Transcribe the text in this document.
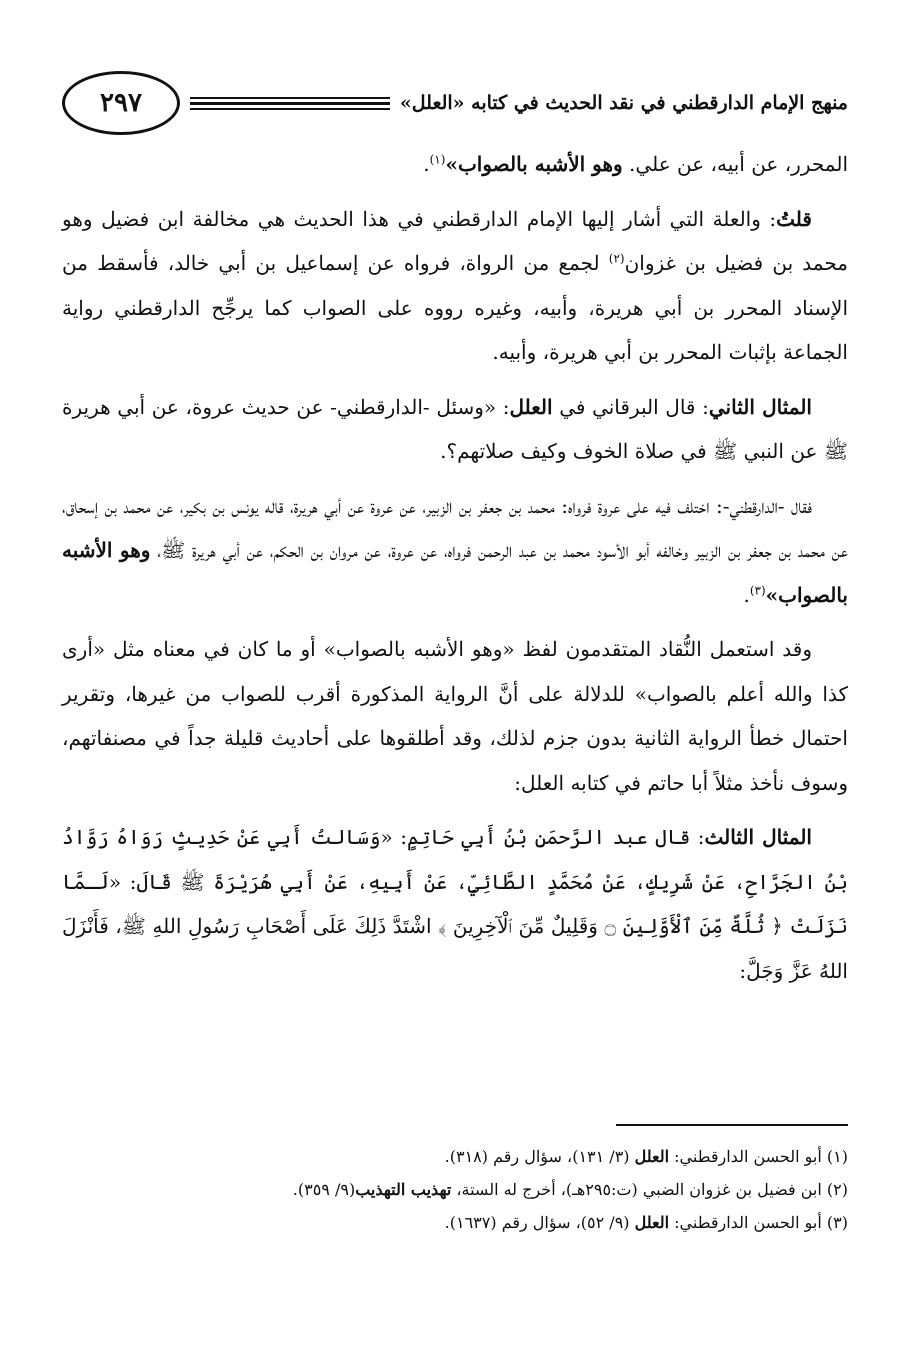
منهج الإمام الدارقطني في نقد الحديث في كتابه «العلل»
٢٩٧

المحرر، عن أبيه، عن علي. وهو الأشبه بالصواب»$^{(١)}$.

قلتُ: والعلة التي أشار إليها الإمام الدارقطني في هذا الحديث هي مخالفة ابن فضيل وهو محمد بن فضيل بن غزوان$^{(٢)}$ لجمع من الرواة، فرواه عن إسماعيل بن أبي خالد، فأسقط من الإسناد المحرر بن أبي هريرة، وأبيه، وغيره رووه على الصواب كما يرجِّح الدارقطني رواية الجماعة بإثبات المحرر بن أبي هريرة، وأبيه.

المثال الثاني: قال البرقاني في العلل: «وسئل -الدارقطني- عن حديث عروة، عن أبي هريرة ﷺ عن النبي ﷺ في صلاة الخوف وكيف صلاتهم؟.

فقال -الدارقطني-: اختلف فيه على عروة فرواه: محمد بن جعفر بن الزبير، عن عروة عن أبي هريرة، قاله يونس بن بكير، عن محمد بن إسحاق، عن محمد بن جعفر بن الزبير وخالفه أبو الأسود محمد بن عبد الرحمن فرواه، عن عروة، عن مروان بن الحكم، عن أبي هريرة ﷺ، وهو الأشبه بالصواب»$^{(٣)}$.

وقد استعمل النُّقاد المتقدمون لفظ «وهو الأشبه بالصواب» أو ما كان في معناه مثل «أرى كذا والله أعلم بالصواب» للدلالة على أنَّ الرواية المذكورة أقرب للصواب من غيرها، وتقرير احتمال خطأ الرواية الثانية بدون جزم لذلك، وقد أطلقوها على أحاديث قليلة جداً في مصنفاتهم، وسوف نأخذ مثلاً أبا حاتم في كتابه العلل:

المثال الثالث: قال عبد الرَّحمَنِ بْنُ أَبِي حَاتِمٍ: «وَسَالتُ أَبِي عَنْ حَدِيثٍ رَوَاهُ رَوَّادُ بْنُ الجَرَّاحِ، عَنْ شَرِيكٍ، عَنْ مُحَمَّدٍ الطَّائِيِّ، عَنْ أَبِيهِ، عَنْ أَبِي هُرَيْرَةَ ﷺ قَالَ: «لَـمَّا نَزَلَتْ ﴿ ثُلَّةٌ مِّنَ ٱلْأَوَّلِينَ ۝ وَقَلِيلٌ مِّنَ ٱلْآخِرِينَ ﴾ اشْتَدَّ ذَلِكَ عَلَى أَصْحَابِ رَسُولِ اللهِ ﷺ، فَأَنْزَلَ اللهُ عَزَّ وَجَلَّ:

(١) أبو الحسن الدارقطني: العلل (٣/ ١٣١)، سؤال رقم (٣١٨).

(٢) ابن فضيل بن غزوان الضبي (ت:٢٩٥هـ)، أخرج له الستة، تهذيب التهذيب(٩/ ٣٥٩).

(٣) أبو الحسن الدارقطني: العلل (٩/ ٥٢)، سؤال رقم (١٦٣٧).
